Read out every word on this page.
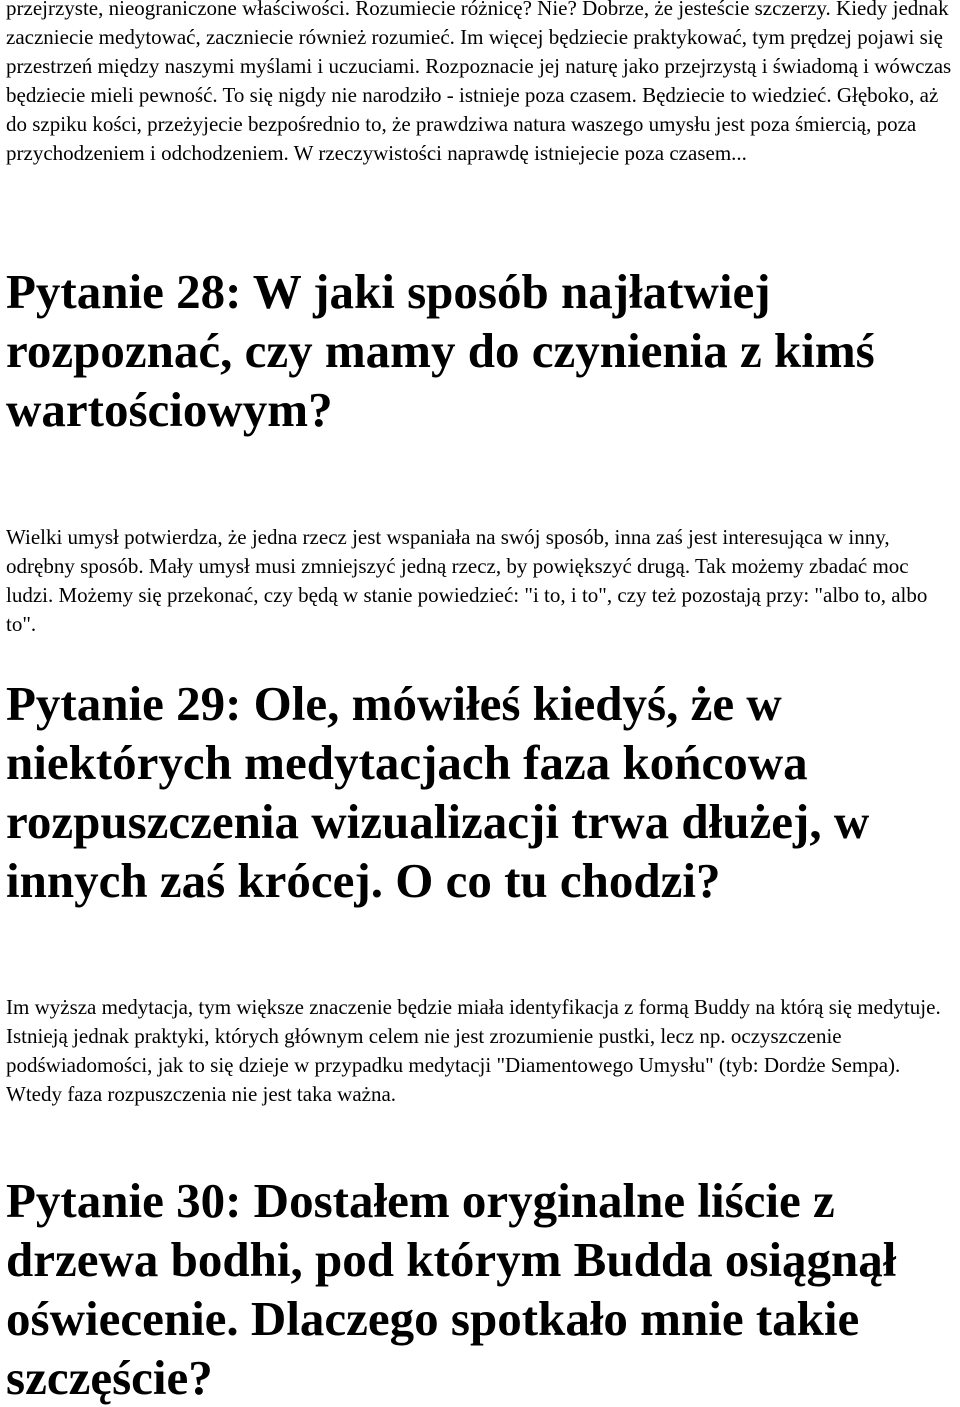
przejrzyste, nieograniczone właściwości. Rozumiecie różnicę? Nie? Dobrze, że jesteście szczerzy. Kiedy jednak zaczniecie medytować, zaczniecie również rozumieć. Im więcej będziecie praktykować, tym prędzej pojawi się przestrzeń między naszymi myślami i uczuciami. Rozpoznacie jej naturę jako przejrzystą i świadomą i wówczas będziecie mieli pewność. To się nigdy nie narodziło - istnieje poza czasem. Będziecie to wiedzieć. Głęboko, aż do szpiku kości, przeżyjecie bezpośrednio to, że prawdziwa natura waszego umysłu jest poza śmiercią, poza przychodzeniem i odchodzeniem. W rzeczywistości naprawdę istniejecie poza czasem...

Pytanie 28: W jaki sposób najłatwiej rozpoznać, czy mamy do czynienia z kimś wartościowym?

Wielki umysł potwierdza, że jedna rzecz jest wspaniała na swój sposób, inna zaś jest interesująca w inny, odrębny sposób. Mały umysł musi zmniejszyć jedną rzecz, by powiększyć drugą. Tak możemy zbadać moc ludzi. Możemy się przekonać, czy będą w stanie powiedzieć: "i to, i to", czy też pozostają przy: "albo to, albo to".

Pytanie 29: Ole, mówiłeś kiedyś, że w niektórych medytacjach faza końcowa rozpuszczenia wizualizacji trwa dłużej, w innych zaś krócej. O co tu chodzi?

Im wyższa medytacja, tym większe znaczenie będzie miała identyfikacja z formą Buddy na którą się medytuje. Istnieją jednak praktyki, których głównym celem nie jest zrozumienie pustki, lecz np. oczyszczenie podświadomości, jak to się dzieje w przypadku medytacji "Diamentowego Umysłu" (tyb: Dordże Sempa). Wtedy faza rozpuszczenia nie jest taka ważna.

Pytanie 30: Dostałem oryginalne liście z drzewa bodhi, pod którym Budda osiągnął oświecenie. Dlaczego spotkało mnie takie szczęście?
